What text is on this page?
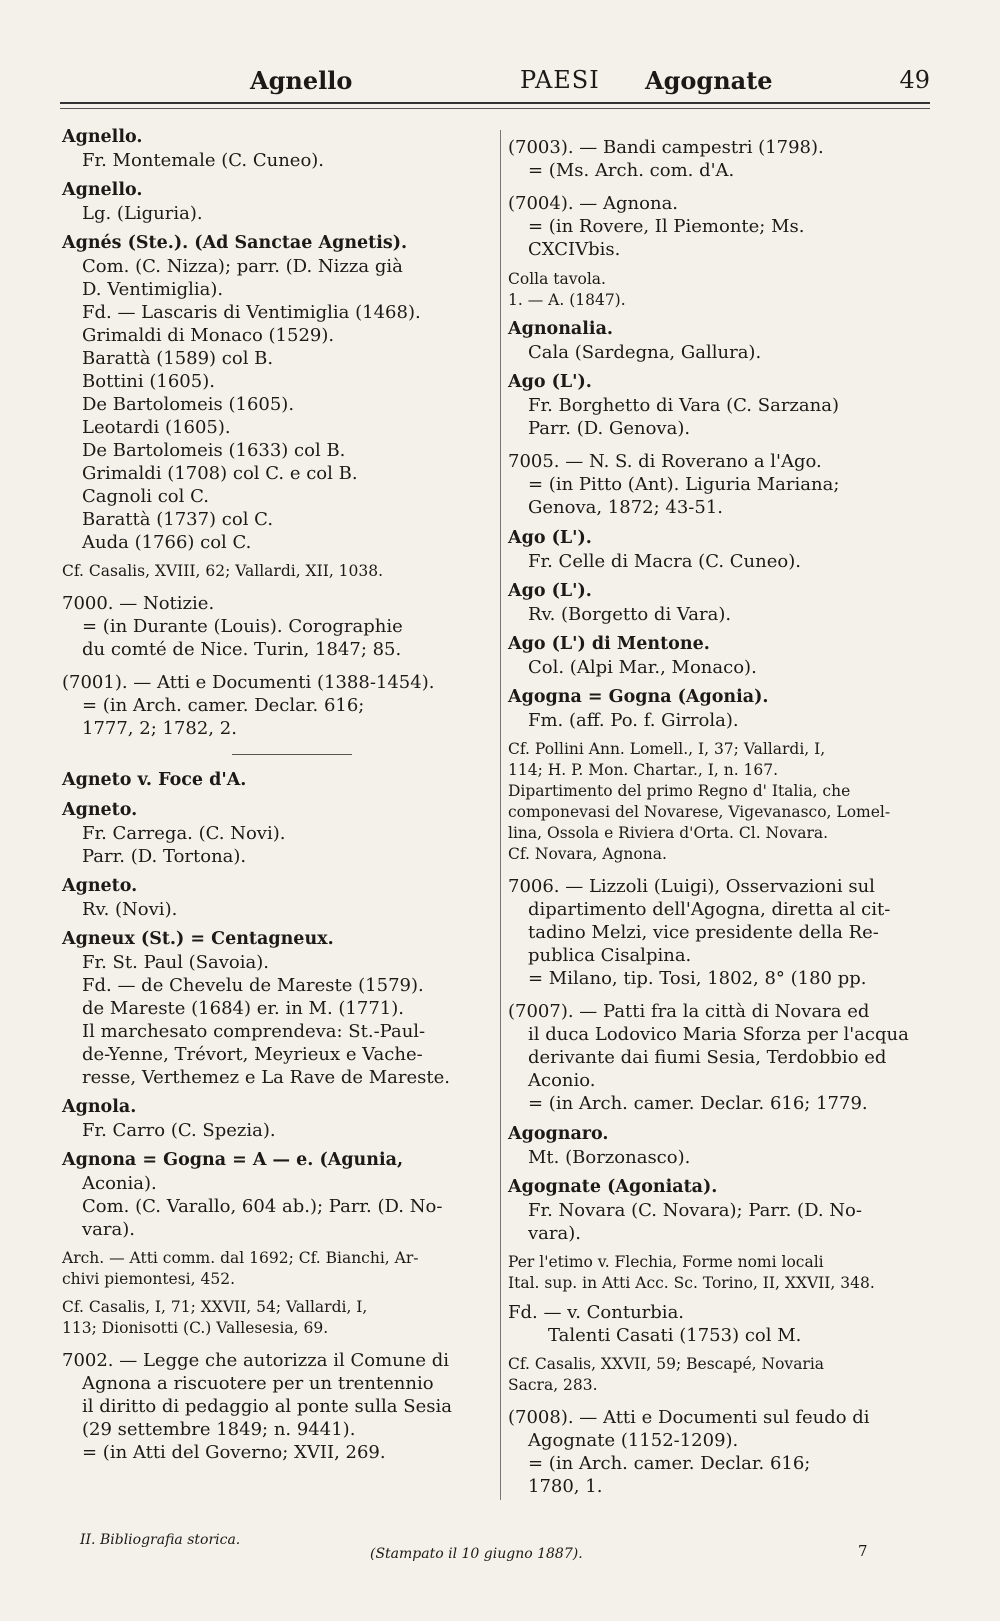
Agnello	PAESI Agognate	49
Agnello.
Fr. Montemale (C. Cuneo).
Agnello.
Lg. (Liguria).
Agnés (Ste.). (Ad Sanctae Agnetis).
Com. (C. Nizza); parr. (D. Nizza già
D. Ventimiglia).
Fd. — Lascaris di Ventimiglia (1468).
Grimaldi di Monaco (1529).
Barattà (1589) col B.
Bottini (1605).
De Bartolomeis (1605).
Leotardi (1605).
De Bartolomeis (1633) col B.
Grimaldi (1708) col C. e col B.
Cagnoli col C.
Barattà (1737) col C.
Auda (1766) col C.
Cf. Casalis, XVIII, 62; Vallardi, XII, 1038.
7000. — Notizie.
= (in Durante (Louis). Corographie
du comté de Nice. Turin, 1847; 85.
(7001). — Atti e Documenti (1388-1454).
= (in Arch. camer. Declar. 616;
1777, 2; 1782, 2.
Agneto v. Foce d'A.
Agneto.
Fr. Carrega. (C. Novi).
Parr. (D. Tortona).
Agneto.
Rv. (Novi).
Agneux (St.) = Centagneux.
Fr. St. Paul (Savoia).
Fd. — de Chevelu de Mareste (1579).
de Mareste (1684) er. in M. (1771).
Il marchesato comprendeva: St.-Paul-
de-Yenne, Trévort, Meyrieux e Vache-
resse, Verthemez e La Rave de Mareste.
Agnola.
Fr. Carro (C. Spezia).
Agnona = Gogna = A — e. (Agunia,
Aconia).
Com. (C. Varallo, 604 ab.); Parr. (D. No-
vara).
Arch. — Atti comm. dal 1692; Cf. Bianchi, Ar-
chivi piemontesi, 452.
Cf. Casalis, I, 71; XXVII, 54; Vallardi, I,
113; Dionisotti (C.) Vallesesia, 69.
7002. — Legge che autorizza il Comune di
Agnona a riscuotere per un trentennio
il diritto di pedaggio al ponte sulla Sesia
(29 settembre 1849; n. 9441).
= (in Atti del Governo; XVII, 269.
(7003). — Bandi campestri (1798).
= (Ms. Arch. com. d'A.
(7004). — Agnona.
= (in Rovere, Il Piemonte; Ms.
CXCIVbis.
Colla tavola.
1. — A. (1847).
Agnonalia.
Cala (Sardegna, Gallura).
Ago (L').
Fr. Borghetto di Vara (C. Sarzana)
Parr. (D. Genova).
7005. — N. S. di Roverano a l'Ago.
= (in Pitto (Ant). Liguria Mariana;
Genova, 1872; 43-51.
Ago (L').
Fr. Celle di Macra (C. Cuneo).
Ago (L').
Rv. (Borgetto di Vara).
Ago (L') di Mentone.
Col. (Alpi Mar., Monaco).
Agogna = Gogna (Agonia).
Fm. (aff. Po. f. Girrola).
Cf. Pollini Ann. Lomell., I, 37; Vallardi, I,
114; H. P. Mon. Chartar., I, n. 167.
Dipartimento del primo Regno d' Italia, che
componevasi del Novarese, Vigevanasco, Lomel-
lina, Ossola e Riviera d'Orta. Cl. Novara.
Cf. Novara, Agnona.
7006. — Lizzoli (Luigi), Osservazioni sul
dipartimento dell'Agogna, diretta al cit-
tadino Melzi, vice presidente della Re-
publica Cisalpina.
= Milano, tip. Tosi, 1802, 8° (180 pp.
(7007). — Patti fra la città di Novara ed
il duca Lodovico Maria Sforza per l'acqua
derivante dai fiumi Sesia, Terdobbio ed
Aconio.
= (in Arch. camer. Declar. 616; 1779.
Agognaro.
Mt. (Borzonasco).
Agognate (Agoniata).
Fr. Novara (C. Novara); Parr. (D. No-
vara).
Per l'etimo v. Flechia, Forme nomi locali
Ital. sup. in Atti Acc. Sc. Torino, II, XXVII, 348.
Fd. — v. Conturbia.
Talenti Casati (1753) col M.
Cf. Casalis, XXVII, 59; Bescapé, Novaria
Sacra, 283.
(7008). — Atti e Documenti sul feudo di
Agognate (1152-1209).
= (in Arch. camer. Declar. 616;
1780, 1.
II. Bibliografia storica.
(Stampato il 10 giugno 1887).	7
